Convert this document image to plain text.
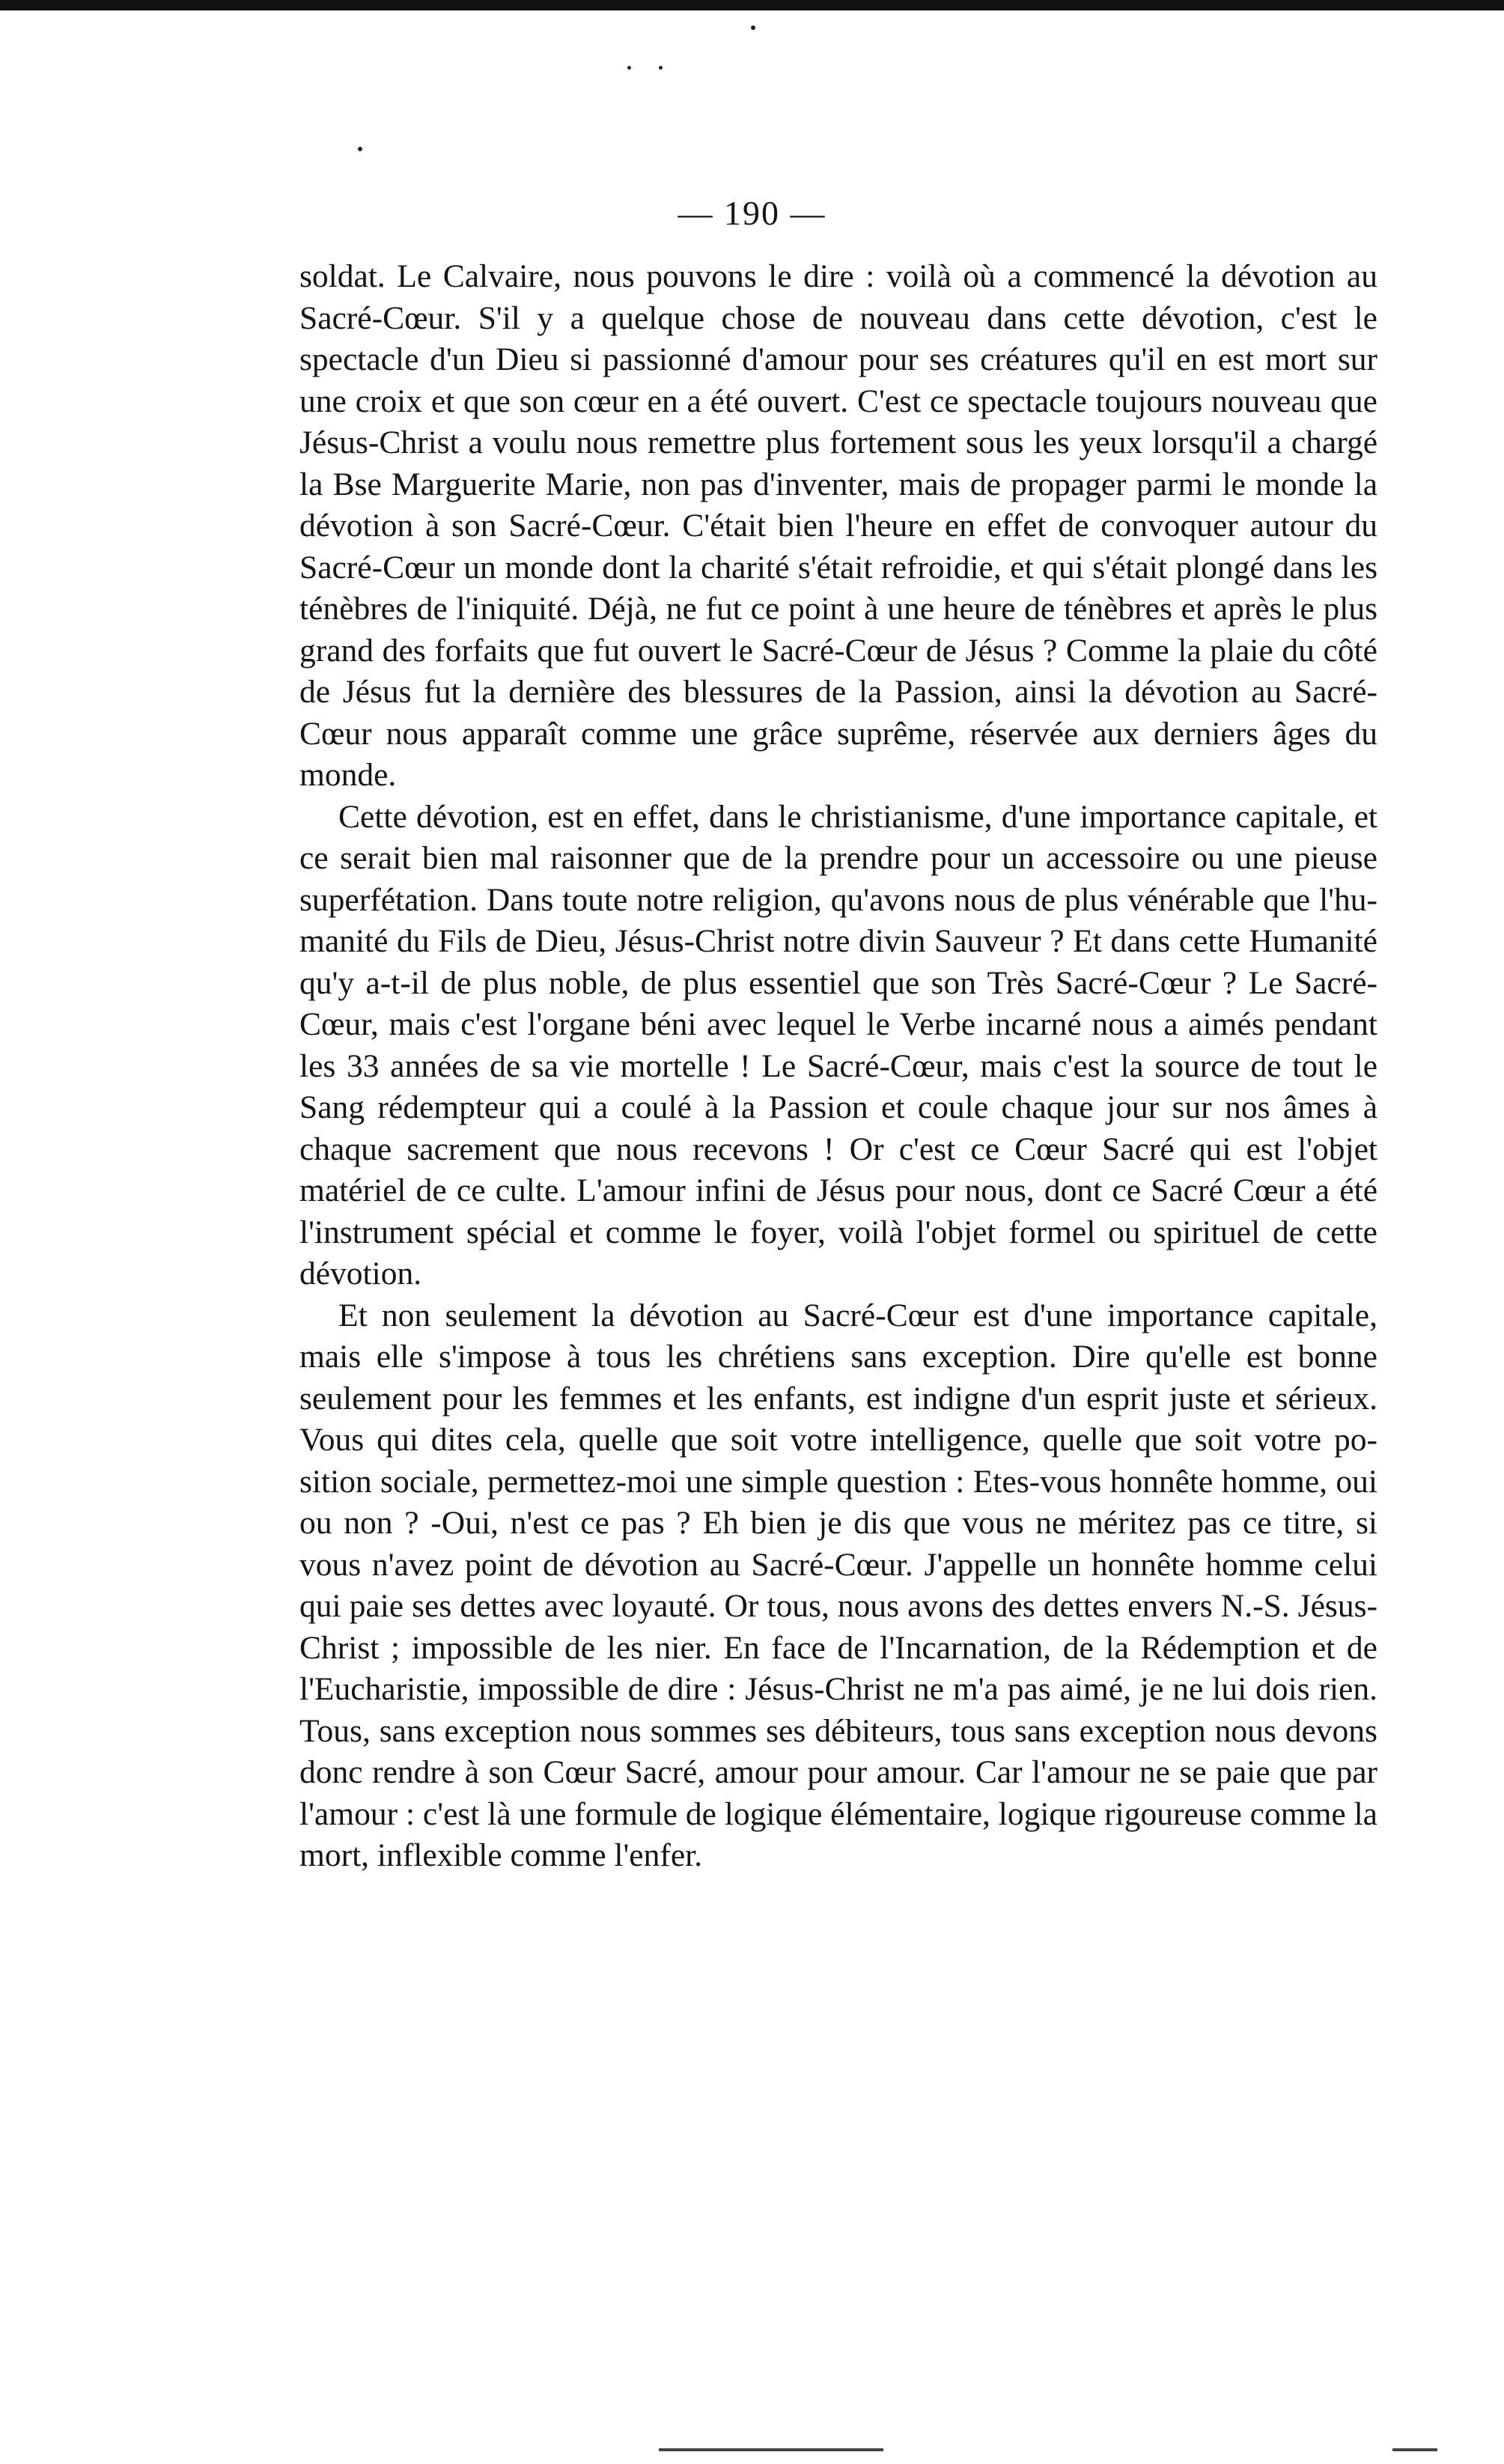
— 190 —

soldat. Le Calvaire, nous pouvons le dire : voilà où a commencé la dévotion au Sacré-Cœur. S'il y a quelque chose de nouveau dans cette dévotion, c'est le spectacle d'un Dieu si passionné d'amour pour ses créatures qu'il en est mort sur une croix et que son cœur en a été ouvert. C'est ce spectacle toujours nouveau que Jésus-Christ a voulu nous remettre plus fortement sous les yeux lorsqu'il a chargé la Bse Marguerite Marie, non pas d'inventer, mais de propager parmi le monde la dévotion à son Sacré-Cœur. C'était bien l'heure en effet de convoquer autour du Sacré-Cœur un monde dont la charité s'était refroidie, et qui s'était plongé dans les ténèbres de l'iniquité. Déjà, ne fut ce point à une heure de ténèbres et après le plus grand des forfaits que fut ouvert le Sacré-Cœur de Jésus ? Comme la plaie du côté de Jésus fut la dernière des blessures de la Passion, ainsi la dévotion au Sacré-Cœur nous apparaît comme une grâce suprême, réservée aux derniers âges du monde.

Cette dévotion, est en effet, dans le christianisme, d'une importance capitale, et ce serait bien mal raisonner que de la prendre pour un accessoire ou une pieuse superfétation. Dans toute notre religion, qu'avons nous de plus vénérable que l'humanité du Fils de Dieu, Jésus-Christ notre divin Sauveur ? Et dans cette Humanité qu'y a-t-il de plus noble, de plus essentiel que son Très Sacré-Cœur ? Le Sacré-Cœur, mais c'est l'organe béni avec lequel le Verbe incarné nous a aimés pendant les 33 années de sa vie mortelle ! Le Sacré-Cœur, mais c'est la source de tout le Sang rédempteur qui a coulé à la Passion et coule chaque jour sur nos âmes à chaque sacrement que nous recevons ! Or c'est ce Cœur Sacré qui est l'objet matériel de ce culte. L'amour infini de Jésus pour nous, dont ce Sacré Cœur a été l'instrument spécial et comme le foyer, voilà l'objet formel ou spirituel de cette dévotion.

Et non seulement la dévotion au Sacré-Cœur est d'une importance capitale, mais elle s'impose à tous les chrétiens sans exception. Dire qu'elle est bonne seulement pour les femmes et les enfants, est indigne d'un esprit juste et sérieux. Vous qui dites cela, quelle que soit votre intelligence, quelle que soit votre position sociale, permettez-moi une simple question : Etes-vous honnête homme, oui ou non ? -Oui, n'est ce pas ? Eh bien je dis que vous ne méritez pas ce titre, si vous n'avez point de dévotion au Sacré-Cœur. J'appelle un honnête homme celui qui paie ses dettes avec loyauté. Or tous, nous avons des dettes envers N.-S. Jésus-Christ ; impossible de les nier. En face de l'Incarnation, de la Rédemption et de l'Eucharistie, impossible de dire : Jésus-Christ ne m'a pas aimé, je ne lui dois rien. Tous, sans exception nous sommes ses débiteurs, tous sans exception nous devons donc rendre à son Cœur Sacré, amour pour amour. Car l'amour ne se paie que par l'amour : c'est là une formule de logique élémentaire, logique rigoureuse comme la mort, inflexible comme l'enfer.
